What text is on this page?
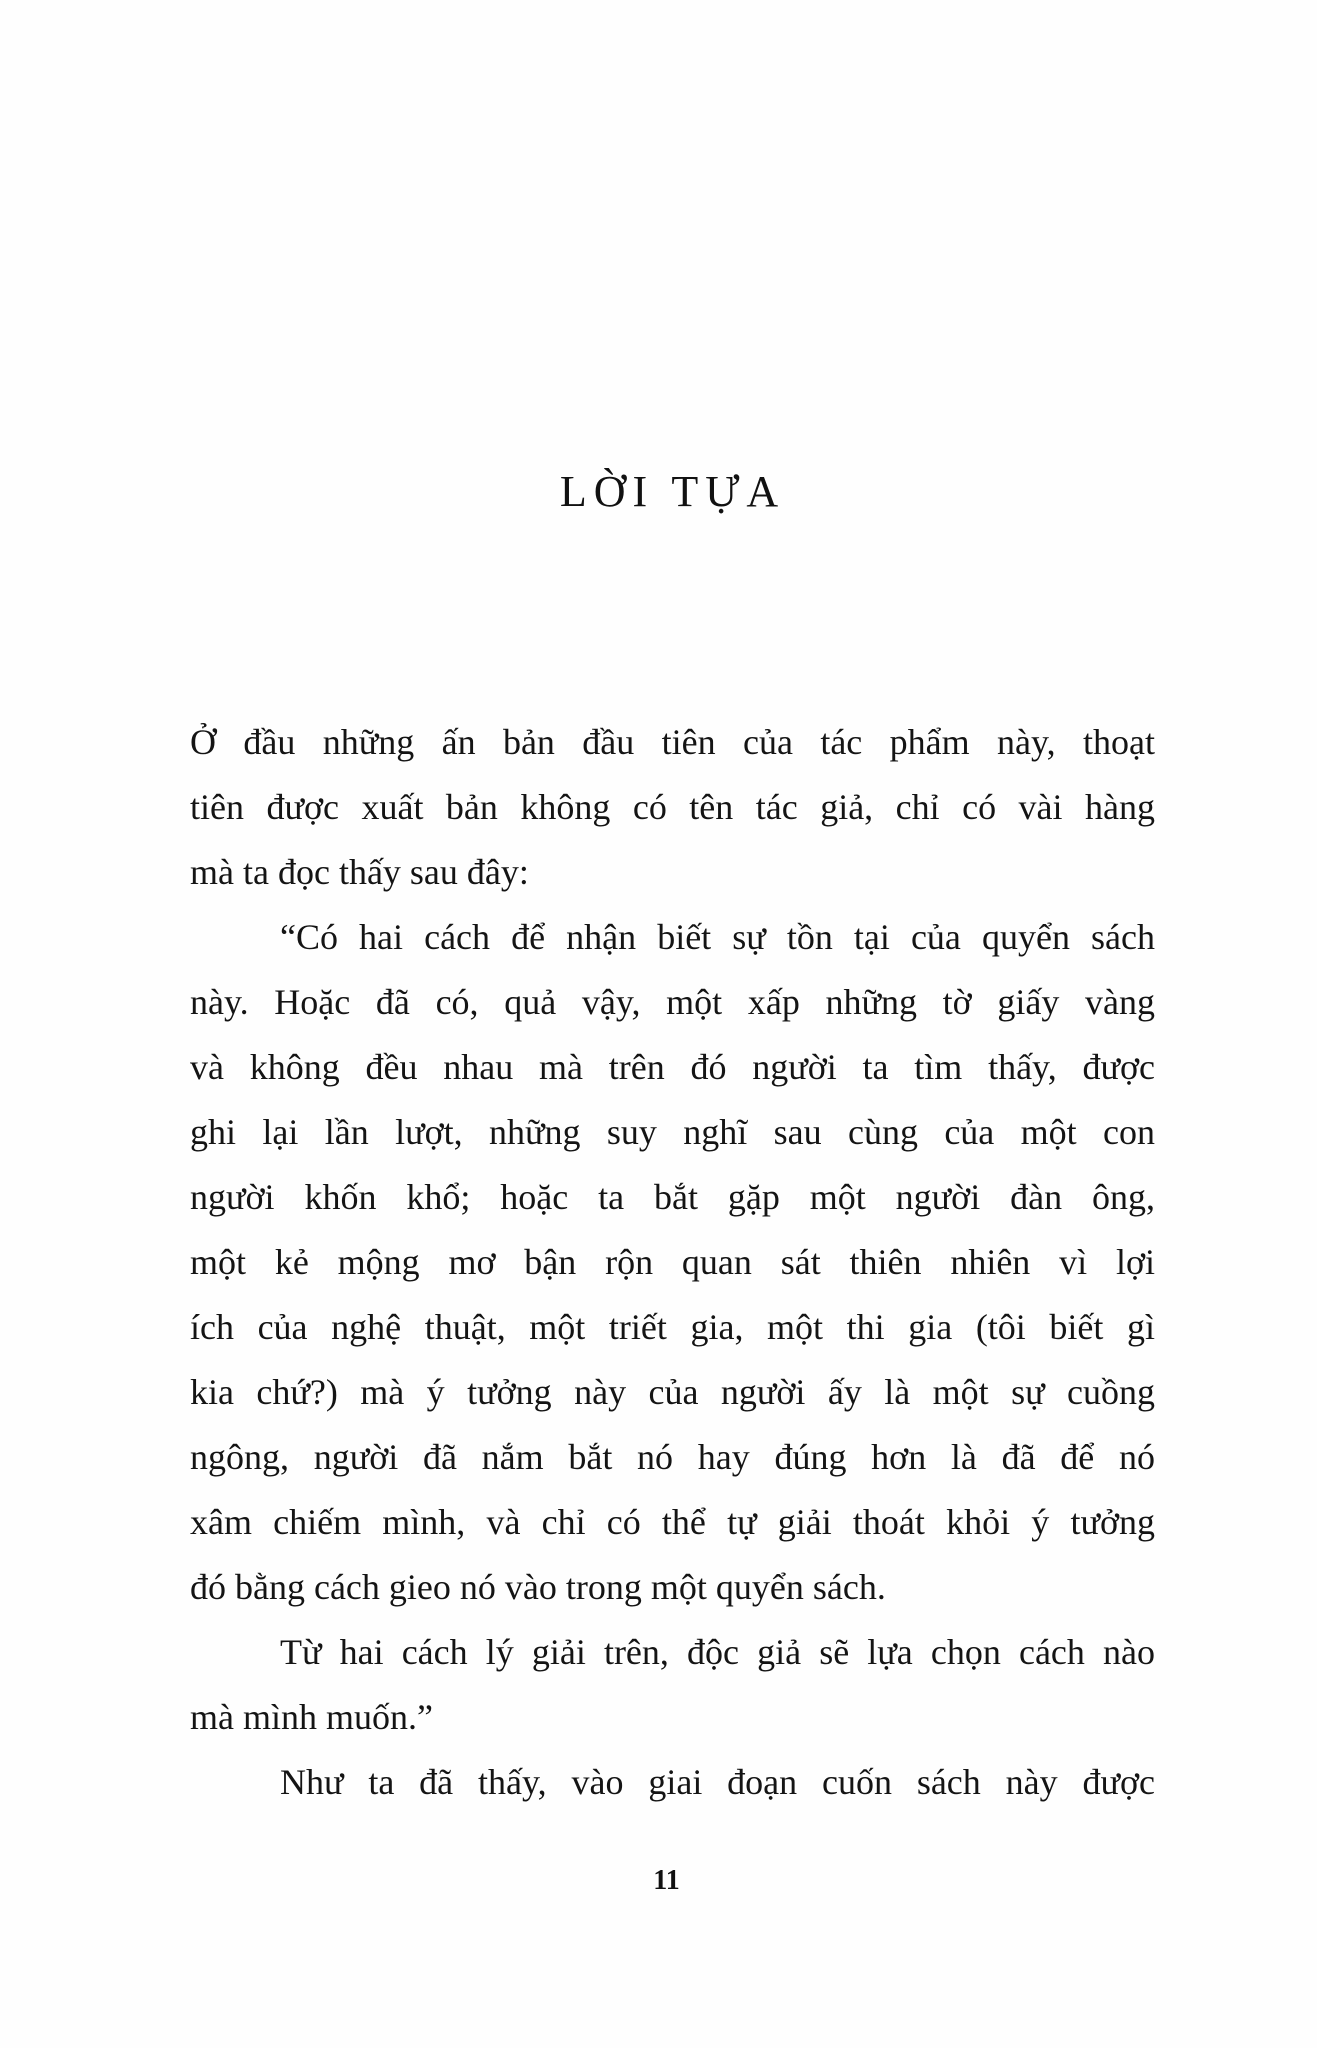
LỜI TỰA
Ở đầu những ấn bản đầu tiên của tác phẩm này, thoạt
tiên được xuất bản không có tên tác giả, chỉ có vài hàng
mà ta đọc thấy sau đây:
“Có hai cách để nhận biết sự tồn tại của quyển sách
này. Hoặc đã có, quả vậy, một xấp những tờ giấy vàng
và không đều nhau mà trên đó người ta tìm thấy, được
ghi lại lần lượt, những suy nghĩ sau cùng của một con
người khốn khổ; hoặc ta bắt gặp một người đàn ông,
một kẻ mộng mơ bận rộn quan sát thiên nhiên vì lợi
ích của nghệ thuật, một triết gia, một thi gia (tôi biết gì
kia chứ?) mà ý tưởng này của người ấy là một sự cuồng
ngông, người đã nắm bắt nó hay đúng hơn là đã để nó
xâm chiếm mình, và chỉ có thể tự giải thoát khỏi ý tưởng
đó bằng cách gieo nó vào trong một quyển sách.
Từ hai cách lý giải trên, độc giả sẽ lựa chọn cách nào
mà mình muốn.”
Như ta đã thấy, vào giai đoạn cuốn sách này được
11
